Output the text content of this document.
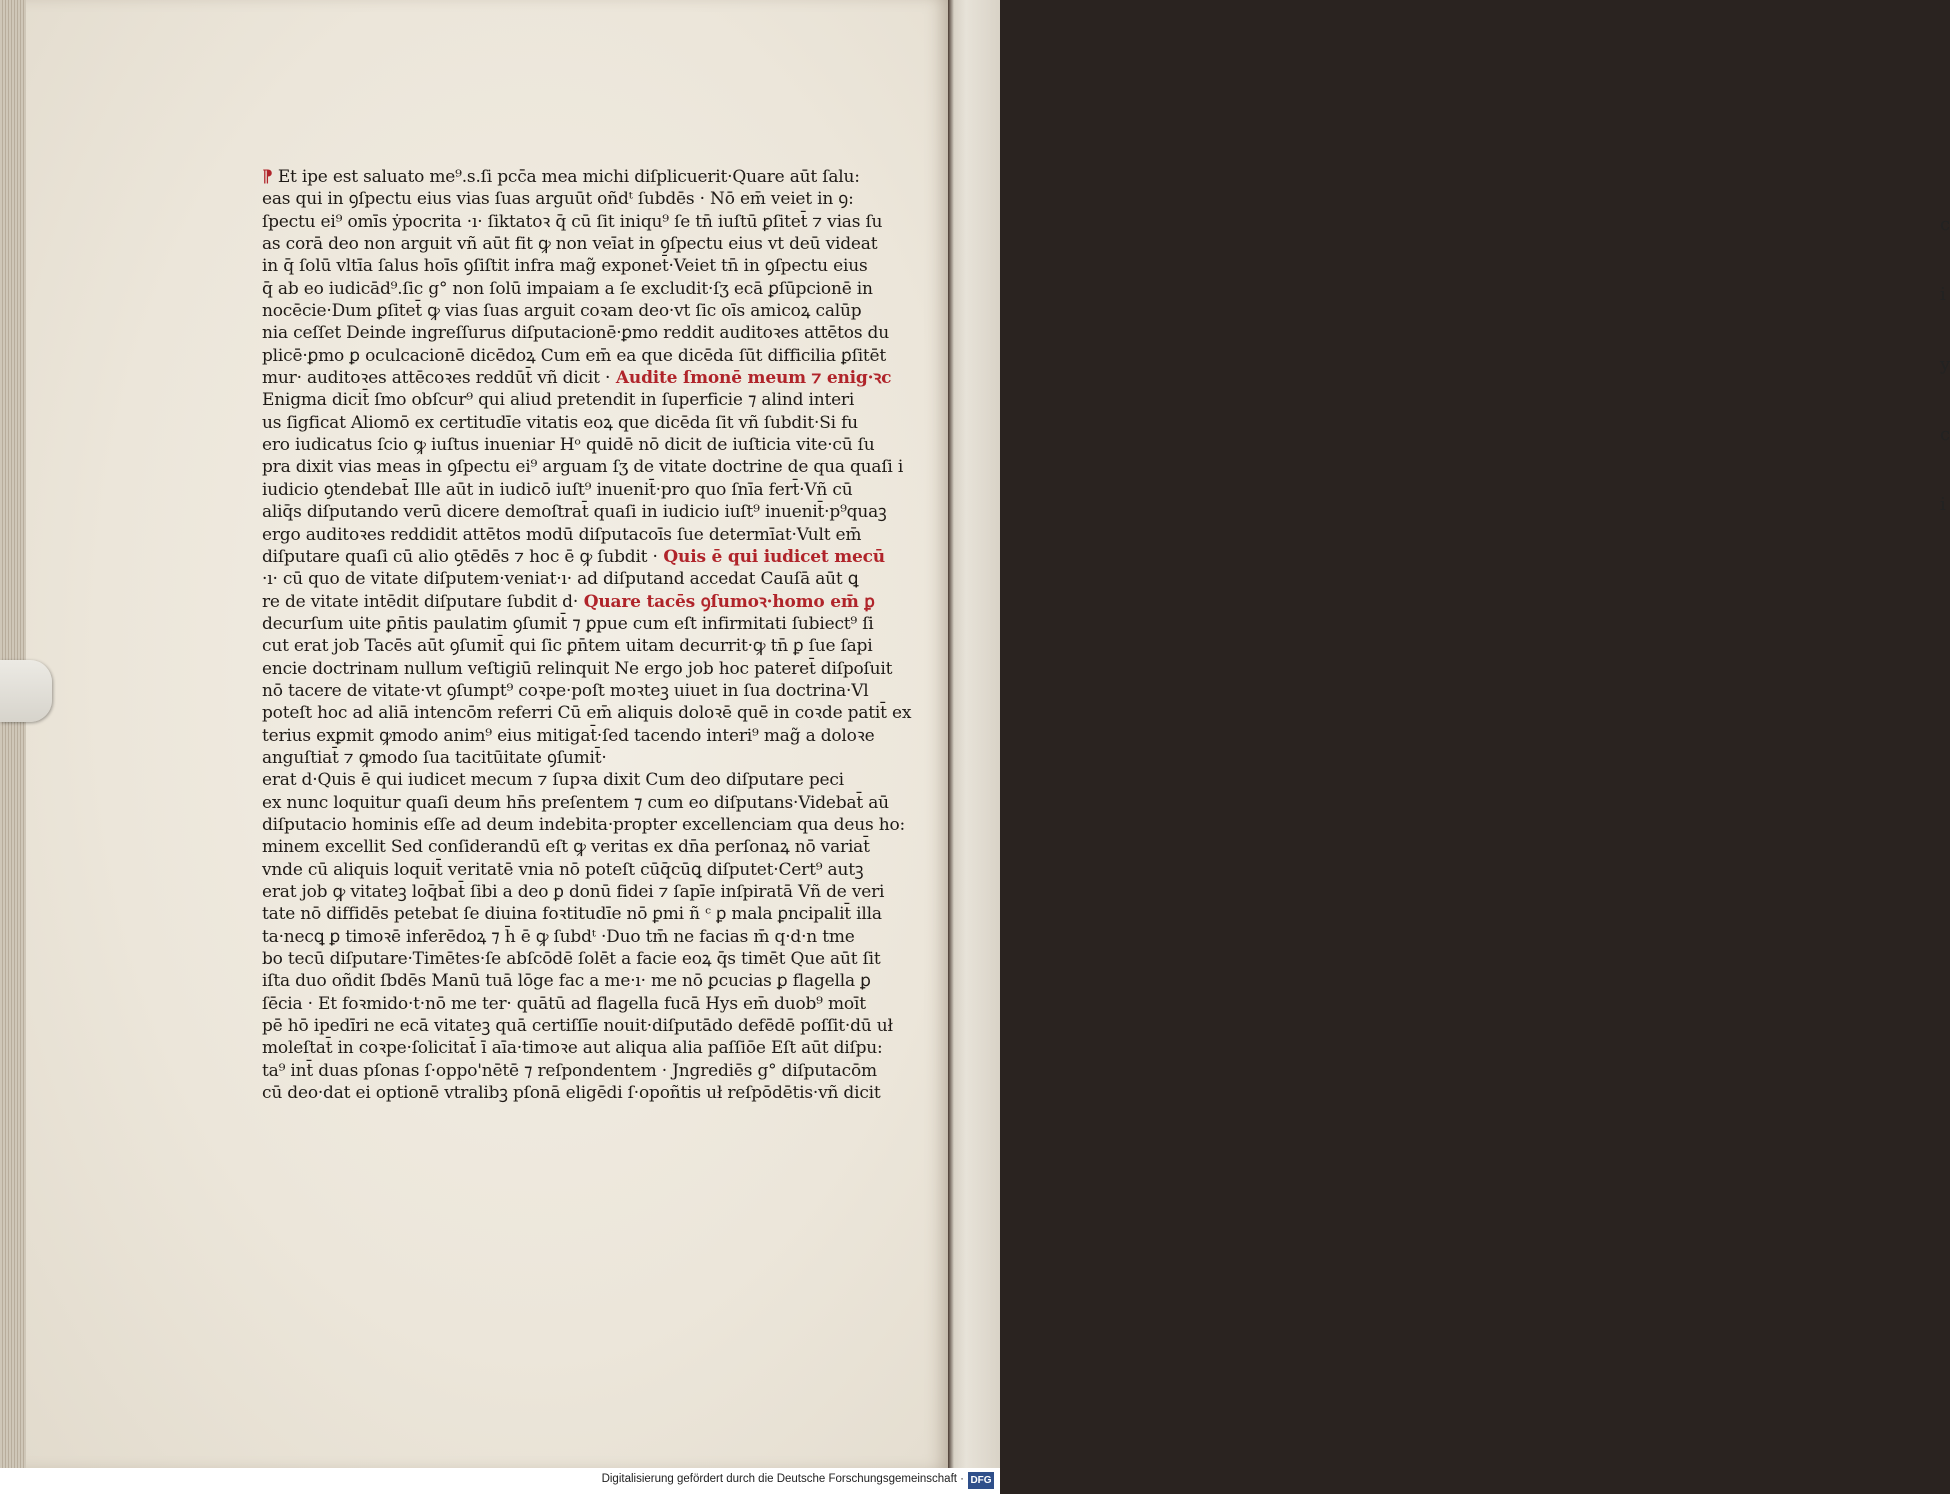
⁋ Et ipe est saluato me⁹.s.ſi pcc̄a mea michi diſplicuerit·Quare aūt ſalu:
eas qui in ꝯſpectu eius vias ſuas arguūt oñdᵗ ſubdēs · Nō em̄ veiet in ꝯ:
ſpectu ei⁹ omīs ẏpocrita ·ı· ſiktatoꝛ q̄ cū ſit iniqu⁹ ſe tn̄ iuſtū ꝑſitet̄ ⁊ vias ſu
as corā deo non arguit vñ aūt fit ꝙ non veīat in ꝯſpectu eius vt deū videat
in q̄ ſolū vltīa ſalus hoīs ꝯſiſtit infra mag̃ exponet̄·Veiet tn̄ in ꝯſpectu eius
q̄ ab eo iudicād⁹.ſic g° non ſolū impaiam a ſe excludit·ſʒ ecā ꝑſūpcionē in
nocēcie·Dum ꝑſitet̄ ꝙ vias ſuas arguit coꝛam deo·vt ſic oīs amicoꝝ calūp
nia ceſſet Deinde ingreſſurus diſputacionē·ꝑmo reddit auditoꝛes attētos du
plicē·ꝑmo ꝑ oculcacionē dicēdoꝝ Cum em̄ ea que dicēda ſūt difficilia ꝑſitēt
mur· auditoꝛes attēcoꝛes reddūt̄ vñ dicit · Audite ſmonē meum ⁊ enig·ꝛc
Enigma dicit̄ ſmo obſcur⁹ qui aliud pretendit in ſuperficie ⁊ alind interi
us ſigficat Aliomō ex certitudīe vitatis eoꝝ que dicēda ſit vñ ſubdit·Si fu
ero iudicatus ſcio ꝙ iuſtus inueniar Hᵒ quidē nō dicit de iuſticia vite·cū ſu
pra dixit vias meas in ꝯſpectu ei⁹ arguam ſʒ de vitate doctrine de qua quaſi i
iudicio ꝯtendebat̄ Ille aūt in iudicō iuſt⁹ inuenit̄·pro quo ſnīa fert̄·Vñ cū
aliq̄s diſputando verū dicere demoſtrat̄ quaſi in iudicio iuſt⁹ inuenit̄·p⁹quaꝫ
ergo auditoꝛes reddidit attētos modū diſputacoīs ſue determīat·Vult em̄
diſputare quaſi cū alio ꝯtēdēs ⁊ hoc ē ꝙ ſubdit · Quis ē qui iudicet mecū
·ı· cū quo de vitate diſputem·veniat·ı· ad diſputand accedat Cauſā aūt ꝗ
re de vitate intēdit diſputare ſubdit d· Quare tacēs ꝯſumoꝛ·homo em̄ ꝑ
decurſum uite ꝑn̄tis paulatim ꝯſumit̄ ⁊ ꝑpue cum eſt infirmitati ſubiect⁹ ſi
cut erat job Tacēs aūt ꝯſumit̄ qui ſic ꝑn̄tem uitam decurrit·ꝙ tn̄ ꝑ ſue ſapi
encie doctrinam nullum veſtigiū relinquit Ne ergo job hoc pateret̄ diſpoſuit
nō tacere de vitate·vt ꝯſumpt⁹ coꝛpe·poſt moꝛteꝫ uiuet in ſua doctrina·Vl
poteſt hoc ad aliā intencōm referri Cū em̄ aliquis doloꝛē quē in coꝛde patit̄ ex
terius exꝑmit ꝙmodo anim⁹ eius mitigat̄·ſed tacendo interi⁹ mag̃ a doloꝛe
anguſtiat̄ ⁊ ꝙmodo ſua tacitūitate ꝯſumit̄·
erat d·Quis ē qui iudicet mecum ⁊ ſupꝛa dixit Cum deo diſputare peci
ex nunc loquitur quaſi deum hn̄s preſentem ⁊ cum eo diſputans·Videbat̄ aū
diſputacio hominis eſſe ad deum indebita·propter excellenciam qua deus ho:
minem excellit Sed conſiderandū eſt ꝙ veritas ex dn̄a perſonaꝝ nō variat̄
vnde cū aliquis loquit̄ veritatē vnia nō poteſt cūq̄cūꝗ diſputet·Cert⁹ autꝫ
erat job ꝙ vitateꝫ loq̄bat̄ ſibi a deo ꝑ donū fidei ⁊ ſapīe inſpiratā Vñ de veri
tate nō diffidēs petebat ſe diuina foꝛtitudīe nō ꝑmi ñ ᶜ ꝑ mala ꝑncipalit̄ illa
ta·necꝗ ꝑ timoꝛē inferēdoꝝ ⁊ h̄ ē ꝙ ſubdᵗ ·Duo tm̄ ne facias m̄ q·d·n tme
bo tecū diſputare·Timētes·ſe abſcōdē ſolēt a facie eoꝝ q̄s timēt Que aūt ſit
iſta duo oñdit ſbdēs Manū tuā lōge fac a me·ı· me nō ꝑcucias ꝑ flagella ꝑ
ſēcia · Et foꝛmido·t·nō me ter· quātū ad flagella fucā Hys em̄ duob⁹ moīt
pē hō ipedīri ne ecā vitateꝫ quā certiſſīe nouit·diſputādo defēdē poſſit·dū uł
moleſtat̄ in coꝛpe·ſolicitat̄ ī aīa·timoꝛe aut aliqua alia paſſiōe Eſt aūt diſpu:
ta⁹ int̄ duas pſonas ſ·oppo'nētē ⁊ reſpondentem · Jngrediēs g° diſputacōm
cū deo·dat ei optionē vtralibꝫ pſonā eligēdi ſ·opoñtis uł reſpōdētis·vñ dicit
c
i
y
c
i
Digitalisierung gefördert durch die Deutsche Forschungsgemeinschaft · DFG
